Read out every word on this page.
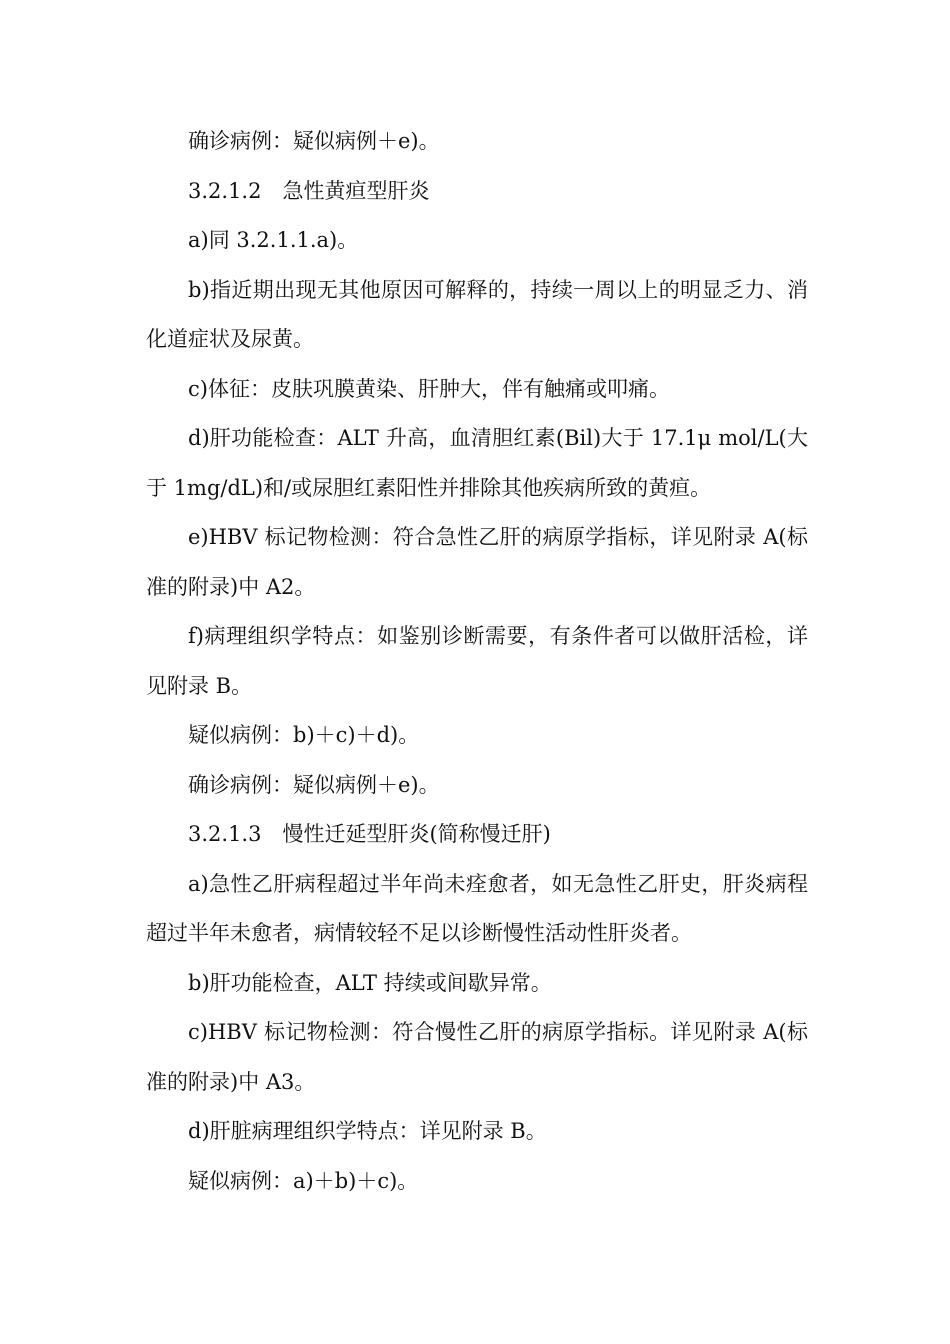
确诊病例：疑似病例＋e)。

3.2.1.2　急性黄疸型肝炎

a)同 3.2.1.1.a)。

b)指近期出现无其他原因可解释的，持续一周以上的明显乏力、消化道症状及尿黄。

c)体征：皮肤巩膜黄染、肝肿大，伴有触痛或叩痛。

d)肝功能检查：ALT 升高，血清胆红素(Bil)大于 17.1μ mol/L(大于 1mg/dL)和/或尿胆红素阳性并排除其他疾病所致的黄疸。

e)HBV 标记物检测：符合急性乙肝的病原学指标，详见附录 A(标准的附录)中 A2。

f)病理组织学特点：如鉴别诊断需要，有条件者可以做肝活检，详见附录 B。

疑似病例：b)＋c)＋d)。

确诊病例：疑似病例＋e)。

3.2.1.3　慢性迁延型肝炎(简称慢迁肝)

a)急性乙肝病程超过半年尚未痊愈者，如无急性乙肝史，肝炎病程超过半年未愈者，病情较轻不足以诊断慢性活动性肝炎者。

b)肝功能检查，ALT 持续或间歇异常。

c)HBV 标记物检测：符合慢性乙肝的病原学指标。详见附录 A(标准的附录)中 A3。

d)肝脏病理组织学特点：详见附录 B。

疑似病例：a)＋b)＋c)。
